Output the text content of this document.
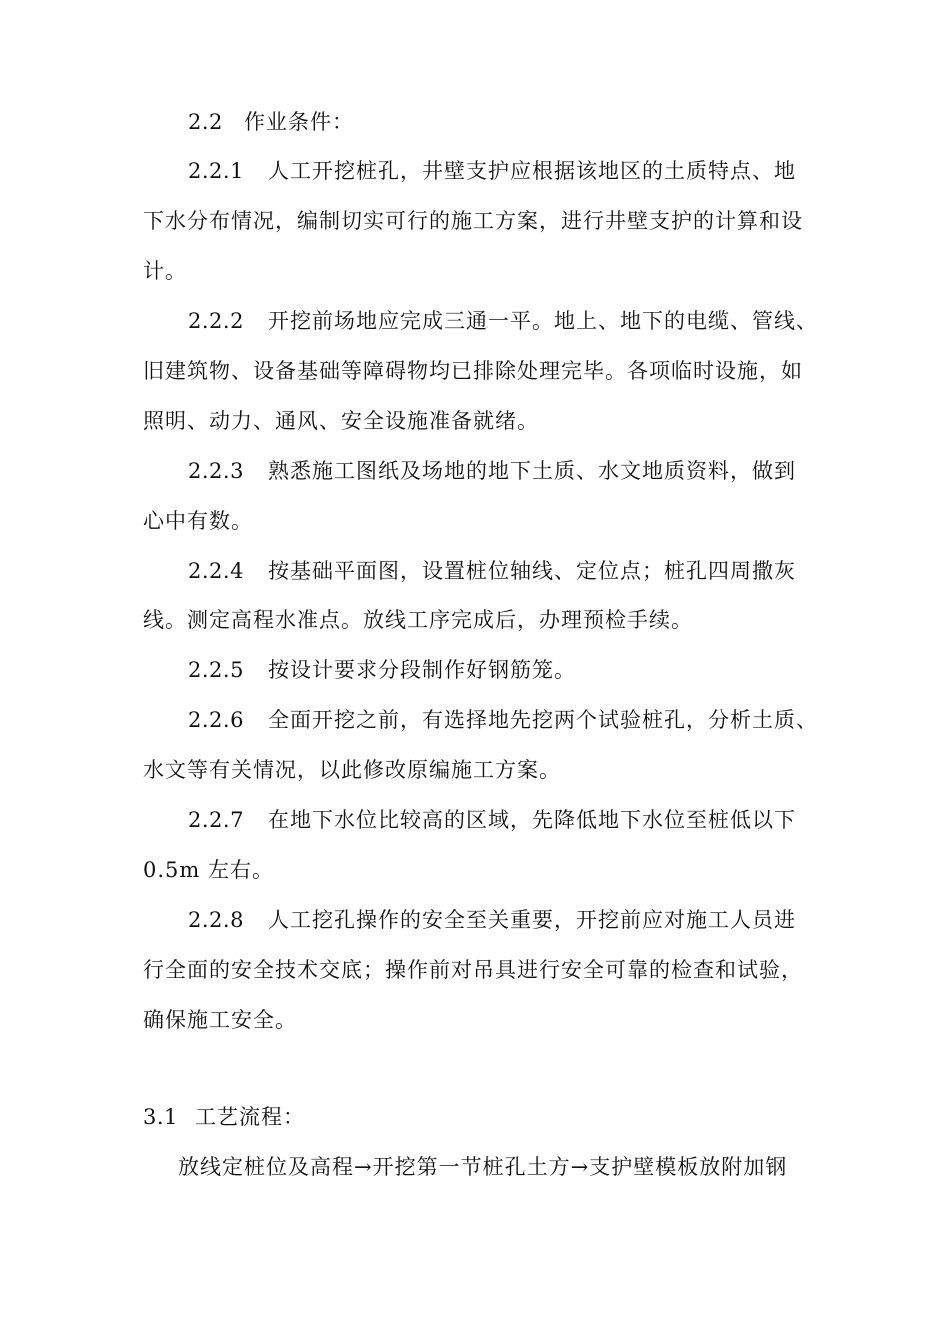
2.2 作业条件：
2.2.1 人工开挖桩孔，井壁支护应根据该地区的土质特点、地
下水分布情况，编制切实可行的施工方案，进行井壁支护的计算和设
计。
2.2.2 开挖前场地应完成三通一平。地上、地下的电缆、管线、
旧建筑物、设备基础等障碍物均已排除处理完毕。各项临时设施，如
照明、动力、通风、安全设施准备就绪。
2.2.3 熟悉施工图纸及场地的地下土质、水文地质资料，做到
心中有数。
2.2.4 按基础平面图，设置桩位轴线、定位点；桩孔四周撒灰
线。测定高程水准点。放线工序完成后，办理预检手续。
2.2.5 按设计要求分段制作好钢筋笼。
2.2.6 全面开挖之前，有选择地先挖两个试验桩孔，分析土质、
水文等有关情况，以此修改原编施工方案。
2.2.7 在地下水位比较高的区域，先降低地下水位至桩低以下
0.5m 左右。
2.2.8 人工挖孔操作的安全至关重要，开挖前应对施工人员进
行全面的安全技术交底；操作前对吊具进行安全可靠的检查和试验，
确保施工安全。
3.1 工艺流程：
放线定桩位及高程→开挖第一节桩孔土方→支护壁模板放附加钢
